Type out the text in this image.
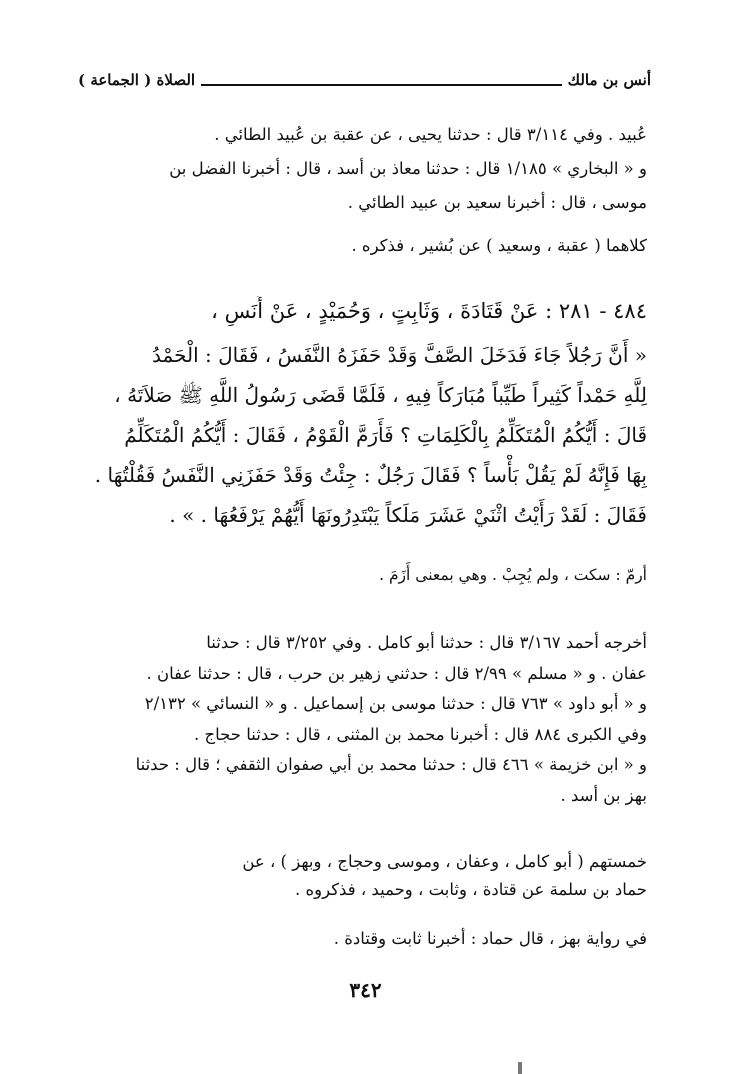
أنس بن مالك
الصلاة ( الجماعة )
عُبيد . وفي ٣/١١٤ قال : حدثنا يحيى ، عن عقبة بن عُبيد الطائي .
و « البخاري » ١/١٨٥ قال : حدثنا معاذ بن أسد ، قال : أخبرنا الفضل بن
موسى ، قال : أخبرنا سعيد بن عبيد الطائي .
كلاهما ( عقبة ، وسعيد ) عن بُشير ، فذكره .
٤٨٤ - ٢٨١ : عَنْ قَتَادَةَ ، وَثَابِتٍ ، وَحُمَيْدٍ ، عَنْ أَنَسٍ ،
« أَنَّ رَجُلاً جَاءَ فَدَخَلَ الصَّفَّ وَقَدْ حَفَزَهُ النَّفَسُ ، فَقَالَ : الْحَمْدُ
لِلَّهِ حَمْداً كَثِيراً طَيِّباً مُبَارَكاً فِيهِ ، فَلَمَّا قَضَى رَسُولُ اللَّهِ ﷺ صَلاَتَهُ ،
قَالَ : أَيُّكُمُ الْمُتَكَلِّمُ بِالْكَلِمَاتِ ؟ فَأَرَمَّ الْقَوْمُ ، فَقَالَ : أَيُّكُمُ الْمُتَكَلِّمُ
بِهَا فَإِنَّهُ لَمْ يَقُلْ بَأْساً ؟ فَقَالَ رَجُلٌ : جِئْتُ وَقَدْ حَفَزَنِي النَّفَسُ فَقُلْتُهَا .
فَقَالَ : لَقَدْ رَأَيْتُ اثْنَيْ عَشَرَ مَلَكاً يَبْتَدِرُونَهَا أَيُّهُمْ يَرْفَعُهَا . » .
أرمّ : سكت ، ولم يُجِبْ . وهي بمعنى أَزَمَ .
أخرجه أحمد ٣/١٦٧ قال : حدثنا أبو كامل . وفي ٣/٢٥٢ قال : حدثنا
عفان . و « مسلم » ٢/٩٩ قال : حدثني زهير بن حرب ، قال : حدثنا عفان .
و « أبو داود » ٧٦٣ قال : حدثنا موسى بن إسماعيل . و « النسائي » ٢/١٣٢
وفي الكبرى ٨٨٤ قال : أخبرنا محمد بن المثنى ، قال : حدثنا حجاج .
و « ابن خزيمة » ٤٦٦ قال : حدثنا محمد بن أبي صفوان الثقفي ؛ قال : حدثنا
بهز بن أسد .
خمستهم ( أبو كامل ، وعفان ، وموسى وحجاج ، وبهز ) ، عن
حماد بن سلمة عن قتادة ، وثابت ، وحميد ، فذكروه .
في رواية بهز ، قال حماد : أخبرنا ثابت وقتادة .
٣٤٢
